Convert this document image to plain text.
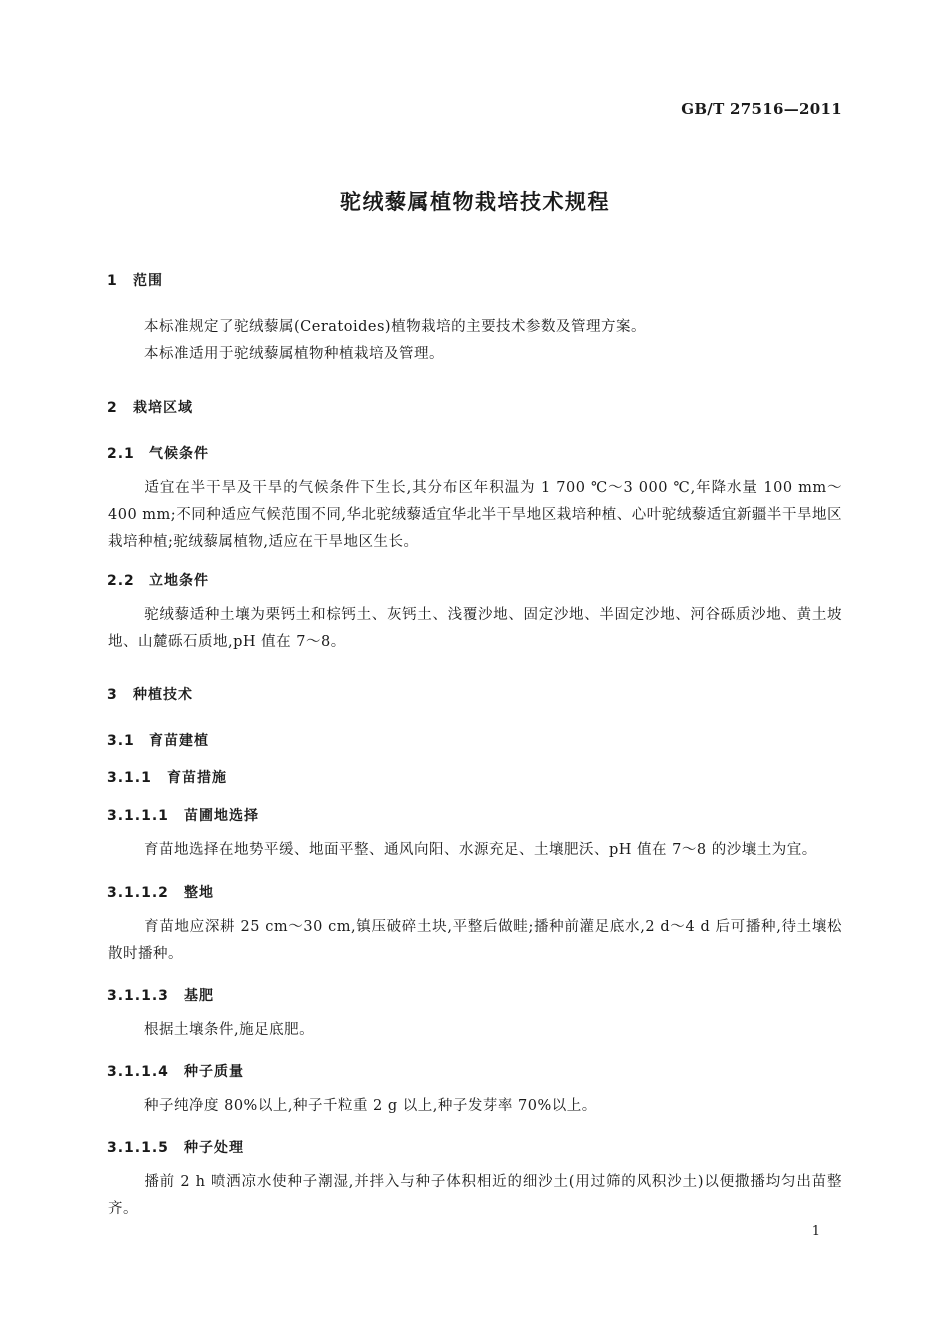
GB/T 27516—2011
驼绒藜属植物栽培技术规程
1 范围
本标准规定了驼绒藜属(Ceratoides)植物栽培的主要技术参数及管理方案。
本标准适用于驼绒藜属植物种植栽培及管理。
2 栽培区域
2.1 气候条件
适宜在半干旱及干旱的气候条件下生长,其分布区年积温为 1 700 ℃～3 000 ℃,年降水量 100 mm～400 mm;不同种适应气候范围不同,华北驼绒藜适宜华北半干旱地区栽培种植、心叶驼绒藜适宜新疆半干旱地区栽培种植;驼绒藜属植物,适应在干旱地区生长。
2.2 立地条件
驼绒藜适种土壤为栗钙土和棕钙土、灰钙土、浅覆沙地、固定沙地、半固定沙地、河谷砾质沙地、黄土坡地、山麓砾石质地,pH 值在 7～8。
3 种植技术
3.1 育苗建植
3.1.1 育苗措施
3.1.1.1 苗圃地选择
育苗地选择在地势平缓、地面平整、通风向阳、水源充足、土壤肥沃、pH 值在 7～8 的沙壤土为宜。
3.1.1.2 整地
育苗地应深耕 25 cm～30 cm,镇压破碎土块,平整后做畦;播种前灌足底水,2 d～4 d 后可播种,待土壤松散时播种。
3.1.1.3 基肥
根据土壤条件,施足底肥。
3.1.1.4 种子质量
种子纯净度 80%以上,种子千粒重 2 g 以上,种子发芽率 70%以上。
3.1.1.5 种子处理
播前 2 h 喷洒凉水使种子潮湿,并拌入与种子体积相近的细沙土(用过筛的风积沙土)以便撒播均匀出苗整齐。
1
